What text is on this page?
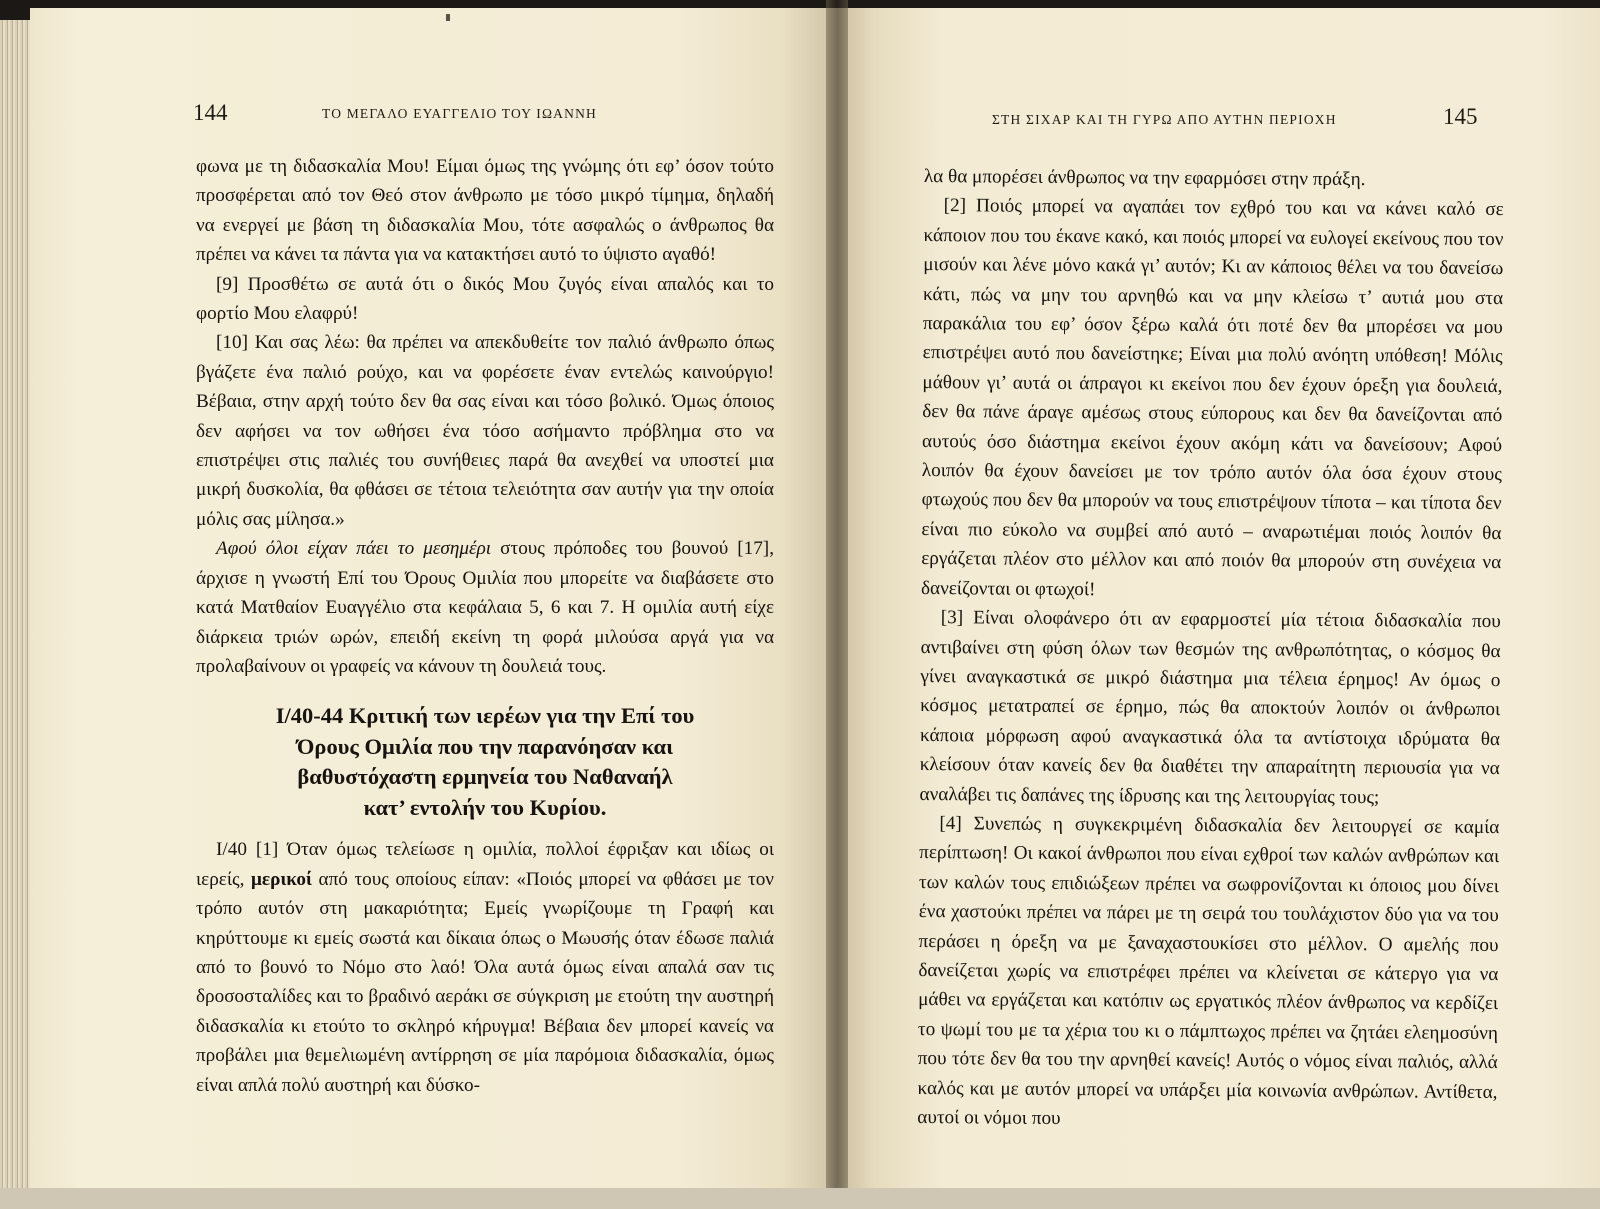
144	ΤΟ ΜΕΓΑΛΟ ΕΥΑΓΓΕΛΙΟ ΤΟΥ ΙΩΑΝΝΗ

φωνα με τη διδασκαλία Μου! Είμαι όμως της γνώμης ότι εφ’ όσον τούτο προσφέρεται από τον Θεό στον άνθρωπο με τόσο μικρό τίμημα, δηλαδή να ενεργεί με βάση τη διδασκαλία Μου, τότε ασφαλώς ο άνθρωπος θα πρέπει να κάνει τα πάντα για να κατακτήσει αυτό το ύψιστο αγαθό!

[9] Προσθέτω σε αυτά ότι ο δικός Μου ζυγός είναι απαλός και το φορτίο Μου ελαφρύ!

[10] Και σας λέω: θα πρέπει να απεκδυθείτε τον παλιό άνθρωπο όπως βγάζετε ένα παλιό ρούχο, και να φορέσετε έναν εντελώς καινούργιο! Βέβαια, στην αρχή τούτο δεν θα σας είναι και τόσο βολικό. Όμως όποιος δεν αφήσει να τον ωθήσει ένα τόσο ασήμαντο πρόβλημα στο να επιστρέψει στις παλιές του συνήθειες παρά θα ανεχθεί να υποστεί μια μικρή δυσκολία, θα φθάσει σε τέτοια τελειότητα σαν αυτήν για την οποία μόλις σας μίλησα.»

Αφού όλοι είχαν πάει το μεσημέρι στους πρόποδες του βουνού [17], άρχισε η γνωστή Επί του Όρους Ομιλία που μπορείτε να διαβάσετε στο κατά Ματθαίον Ευαγγέλιο στα κεφάλαια 5, 6 και 7. Η ομιλία αυτή είχε διάρκεια τριών ωρών, επειδή εκείνη τη φορά μιλούσα αργά για να προλαβαίνουν οι γραφείς να κάνουν τη δουλειά τους.

Ι/40-44 Κριτική των ιερέων για την Επί του
Όρους Ομιλία που την παρανόησαν και
βαθυστόχαστη ερμηνεία του Ναθαναήλ
κατ’ εντολήν του Κυρίου.

Ι/40 [1] Όταν όμως τελείωσε η ομιλία, πολλοί έφριξαν και ιδίως οι ιερείς, μερικοί από τους οποίους είπαν: «Ποιός μπορεί να φθάσει με τον τρόπο αυτόν στη μακαριότητα; Εμείς γνωρίζουμε τη Γραφή και κηρύττουμε κι εμείς σωστά και δίκαια όπως ο Μωυσής όταν έδωσε παλιά από το βουνό το Νόμο στο λαό! Όλα αυτά όμως είναι απαλά σαν τις δροσοσταλίδες και το βραδινό αεράκι σε σύγκριση με ετούτη την αυστηρή διδασκαλία κι ετούτο το σκληρό κήρυγμα! Βέβαια δεν μπορεί κανείς να προβάλει μια θεμελιωμένη αντίρρηση σε μία παρόμοια διδασκαλία, όμως είναι απλά πολύ αυστηρή και δύσκο-

ΣΤΗ ΣΙΧΑΡ ΚΑΙ ΤΗ ΓΥΡΩ ΑΠΟ ΑΥΤΗΝ ΠΕΡΙΟΧΗ	145

λα θα μπορέσει άνθρωπος να την εφαρμόσει στην πράξη.

[2] Ποιός μπορεί να αγαπάει τον εχθρό του και να κάνει καλό σε κάποιον που του έκανε κακό, και ποιός μπορεί να ευλογεί εκείνους που τον μισούν και λένε μόνο κακά γι’ αυτόν; Κι αν κάποιος θέλει να του δανείσω κάτι, πώς να μην του αρνηθώ και να μην κλείσω τ’ αυτιά μου στα παρακάλια του εφ’ όσον ξέρω καλά ότι ποτέ δεν θα μπορέσει να μου επιστρέψει αυτό που δανείστηκε; Είναι μια πολύ ανόητη υπόθεση! Μόλις μάθουν γι’ αυτά οι άπραγοι κι εκείνοι που δεν έχουν όρεξη για δουλειά, δεν θα πάνε άραγε αμέσως στους εύπορους και δεν θα δανείζονται από αυτούς όσο διάστημα εκείνοι έχουν ακόμη κάτι να δανείσουν; Αφού λοιπόν θα έχουν δανείσει με τον τρόπο αυτόν όλα όσα έχουν στους φτωχούς που δεν θα μπορούν να τους επιστρέψουν τίποτα – και τίποτα δεν είναι πιο εύκολο να συμβεί από αυτό – αναρωτιέμαι ποιός λοιπόν θα εργάζεται πλέον στο μέλλον και από ποιόν θα μπορούν στη συνέχεια να δανείζονται οι φτωχοί!

[3] Είναι ολοφάνερο ότι αν εφαρμοστεί μία τέτοια διδασκαλία που αντιβαίνει στη φύση όλων των θεσμών της ανθρωπότητας, ο κόσμος θα γίνει αναγκαστικά σε μικρό διάστημα μια τέλεια έρημος! Αν όμως ο κόσμος μετατραπεί σε έρημο, πώς θα αποκτούν λοιπόν οι άνθρωποι κάποια μόρφωση αφού αναγκαστικά όλα τα αντίστοιχα ιδρύματα θα κλείσουν όταν κανείς δεν θα διαθέτει την απαραίτητη περιουσία για να αναλάβει τις δαπάνες της ίδρυσης και της λειτουργίας τους;

[4] Συνεπώς η συγκεκριμένη διδασκαλία δεν λειτουργεί σε καμία περίπτωση! Οι κακοί άνθρωποι που είναι εχθροί των καλών ανθρώπων και των καλών τους επιδιώξεων πρέπει να σωφρονίζονται κι όποιος μου δίνει ένα χαστούκι πρέπει να πάρει με τη σειρά του τουλάχιστον δύο για να του περάσει η όρεξη να με ξαναχαστουκίσει στο μέλλον. Ο αμελής που δανείζεται χωρίς να επιστρέφει πρέπει να κλείνεται σε κάτεργο για να μάθει να εργάζεται και κατόπιν ως εργατικός πλέον άνθρωπος να κερδίζει το ψωμί του με τα χέρια του κι ο πάμπτωχος πρέπει να ζητάει ελεημοσύνη που τότε δεν θα του την αρνηθεί κανείς! Αυτός ο νόμος είναι παλιός, αλλά καλός και με αυτόν μπορεί να υπάρξει μία κοινωνία ανθρώπων. Αντίθετα, αυτοί οι νόμοι που
